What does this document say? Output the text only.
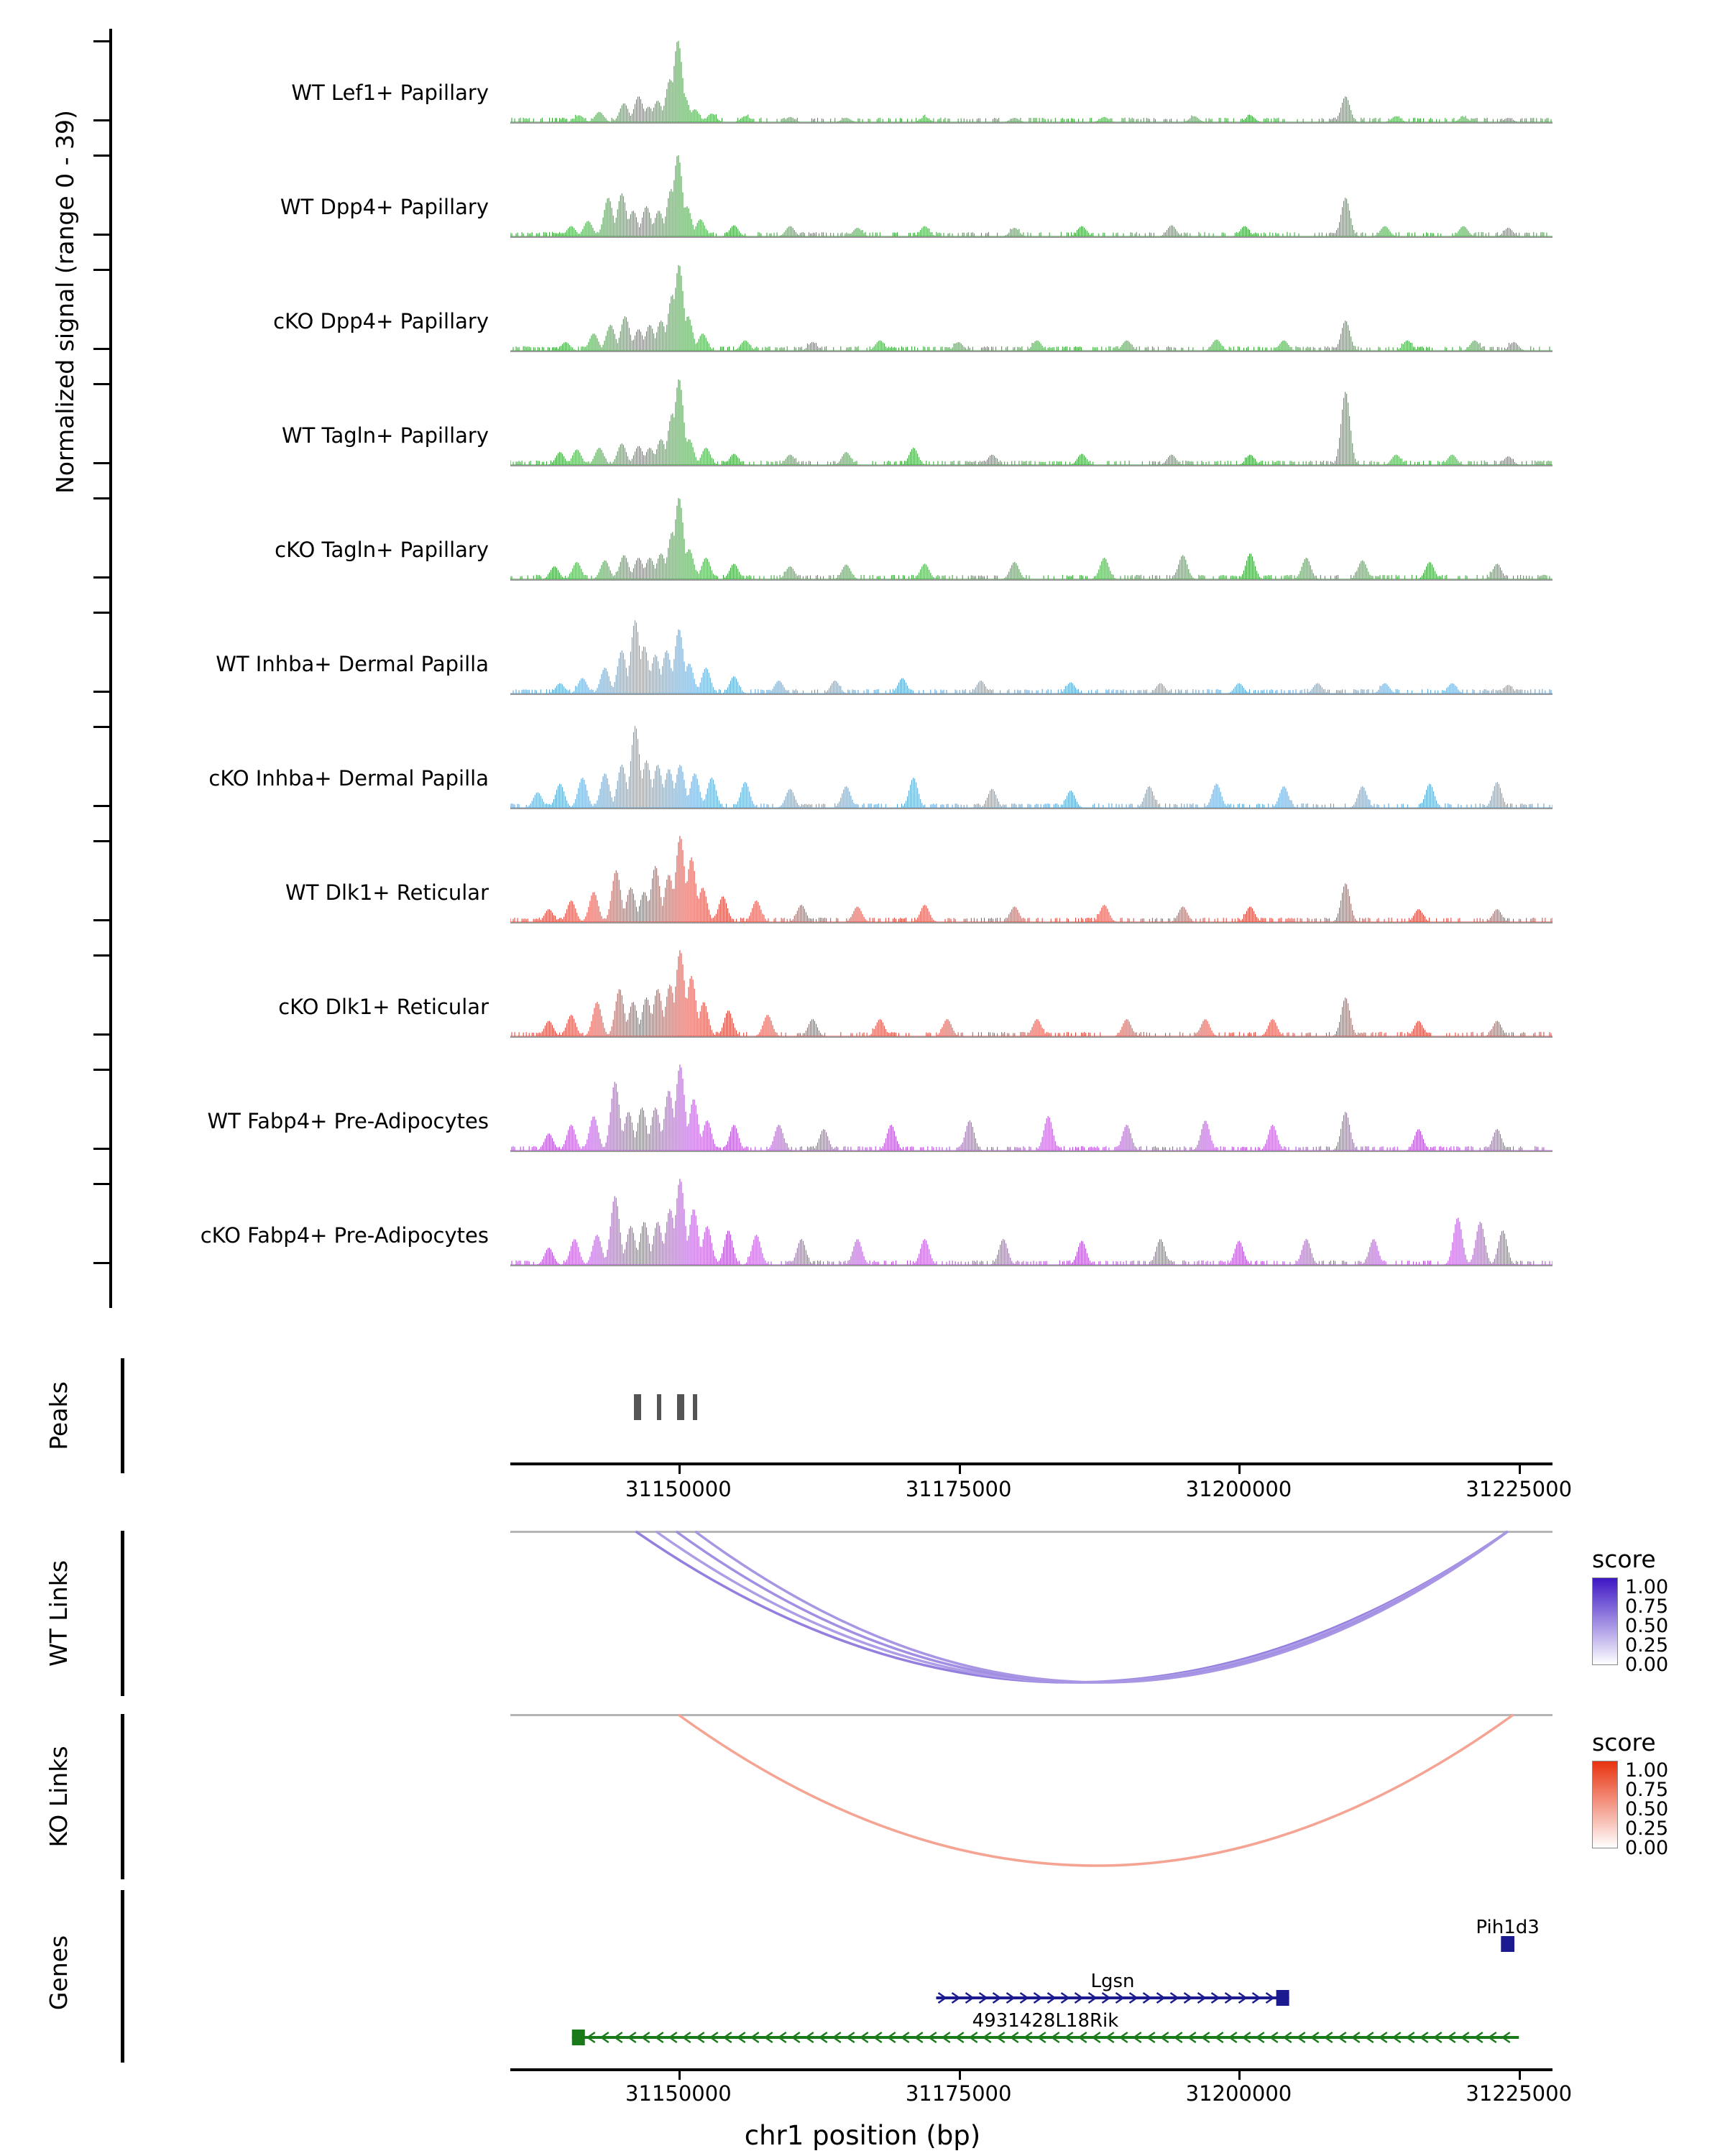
Normalized signal (range 0 - 39)
WT Lef1+ Papillary
WT Dpp4+ Papillary
cKO Dpp4+ Papillary
WT Tagln+ Papillary
cKO Tagln+ Papillary
WT Inhba+ Dermal Papilla
cKO Inhba+ Dermal Papilla
WT Dlk1+ Reticular
cKO Dlk1+ Reticular
WT Fabp4+ Pre-Adipocytes
cKO Fabp4+ Pre-Adipocytes
Peaks
31150000	31175000	31200000	31225000
WT Links
score
1.00
0.75
0.50
0.25
0.00
KO Links
score
1.00
0.75
0.50
0.25
0.00
Genes
Pih1d3
Lgsn
4931428L18Rik
31150000	31175000	31200000	31225000
chr1 position (bp)
